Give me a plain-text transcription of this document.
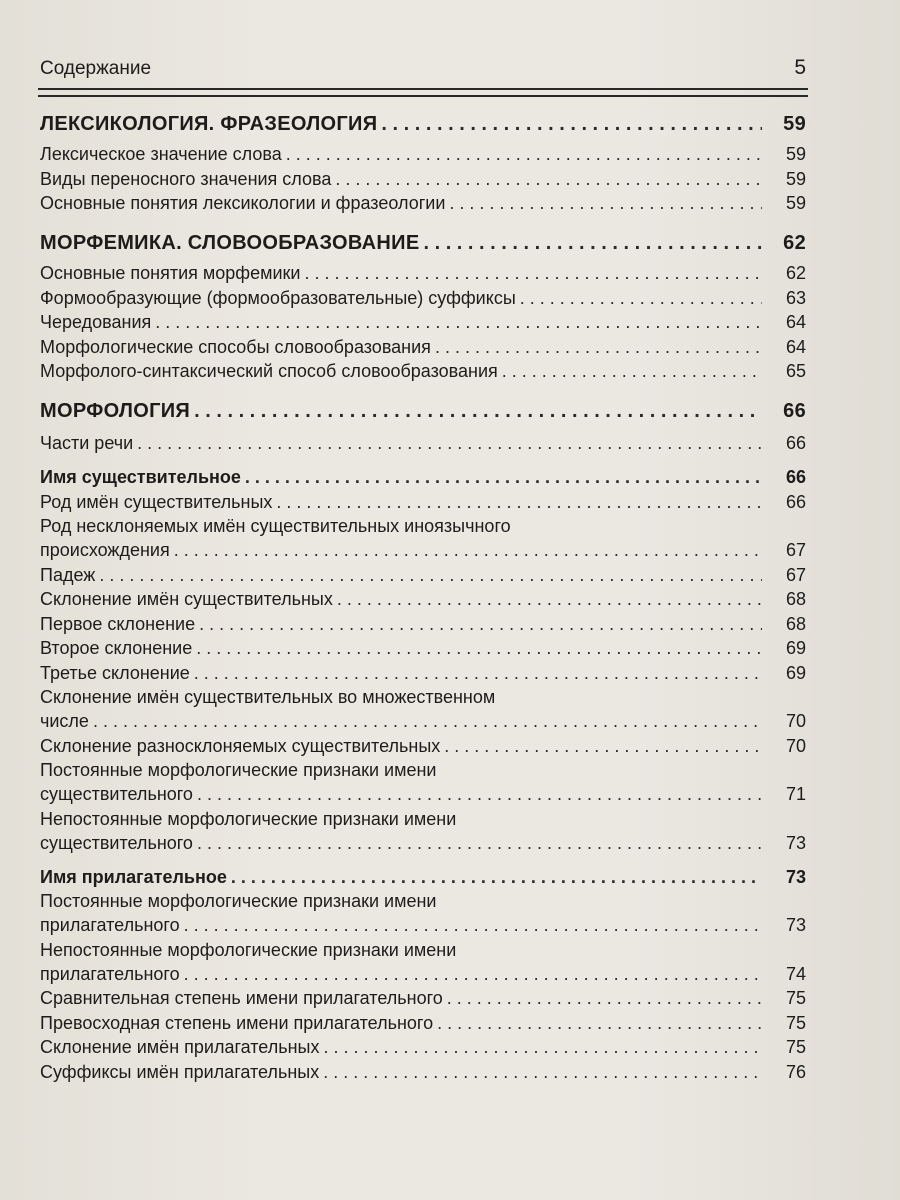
Содержание	5
ЛЕКСИКОЛОГИЯ. ФРАЗЕОЛОГИЯ . . .	59
Лексическое значение слова . . .	59
Виды переносного значения слова . . .	59
Основные понятия лексикологии и фразеологии . . .	59
МОРФЕМИКА. СЛОВООБРАЗОВАНИЕ . . .	62
Основные понятия морфемики . . .	62
Формообразующие (формообразовательные) суффиксы . . .	63
Чередования . . .	64
Морфологические способы словообразования . . .	64
Морфолого-синтаксический способ словообразования . . .	65
МОРФОЛОГИЯ . . .	66
Части речи . . .	66
Имя существительное . . .	66
Род имён существительных . . .	66
Род несклоняемых имён существительных иноязычного
происхождения . . .	67
Падеж . . .	67
Склонение имён существительных . . .	68
Первое склонение . . .	68
Второе склонение . . .	69
Третье склонение . . .	69
Склонение имён существительных во множественном
числе . . .	70
Склонение разносклоняемых существительных . . .	70
Постоянные морфологические признаки имени
существительного . . .	71
Непостоянные морфологические признаки имени
существительного . . .	73
Имя прилагательное . . .	73
Постоянные морфологические признаки имени
прилагательного . . .	73
Непостоянные морфологические признаки имени
прилагательного . . .	74
Сравнительная степень имени прилагательного . . .	75
Превосходная степень имени прилагательного . . .	75
Склонение имён прилагательных . . .	75
Суффиксы имён прилагательных . . .	76
